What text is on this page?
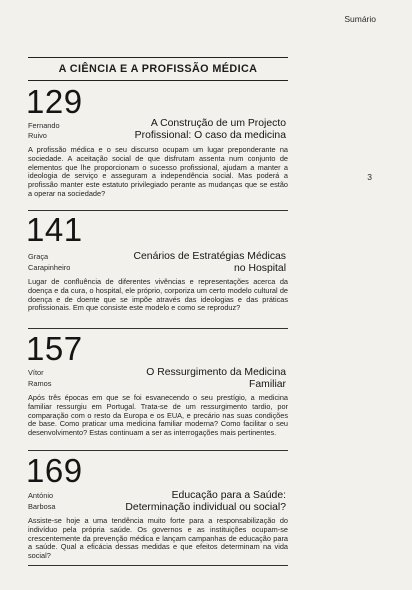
Sumário
3
A CIÊNCIA E A PROFISSÃO MÉDICA
129
Fernando
Ruivo
A Construção de um Projecto
Profissional: O caso da medicina
A profissão médica e o seu discurso ocupam um lugar preponderante na sociedade. A aceitação social de que disfrutam assenta num conjunto de elementos que lhe proporcionam o sucesso profissional, ajudam a manter a ideologia de serviço e asseguram a independência social. Mas poderá a profissão manter este estatuto privilegiado perante as mudanças que se estão a operar na sociedade?
141
Graça
Carapinheiro
Cenários de Estratégias Médicas
no Hospital
Lugar de confluência de diferentes vivências e representações acerca da doença e da cura, o hospital, ele próprio, corporiza um certo modelo cultural de doença e de doente que se impõe através das ideologias e das práticas profissionais. Em que consiste este modelo e como se reproduz?
157
Vítor
Ramos
O Ressurgimento da Medicina
Familiar
Após três épocas em que se foi esvanecendo o seu prestígio, a medicina familiar ressurgiu em Portugal. Trata-se de um ressurgimento tardio, por comparação com o resto da Europa e os EUA, e precário nas suas condições de base. Como praticar uma medicina familiar moderna? Como facilitar o seu desenvolvimento? Estas continuam a ser as interrogações mais pertinentes.
169
António
Barbosa
Educação para a Saúde:
Determinação individual ou social?
Assiste-se hoje a uma tendência muito forte para a responsabilização do indivíduo pela própria saúde. Os governos e as instituições ocupam-se crescentemente da prevenção médica e lançam campanhas de educação para a saúde. Qual a eficácia dessas medidas e que efeitos determinam na vida social?
